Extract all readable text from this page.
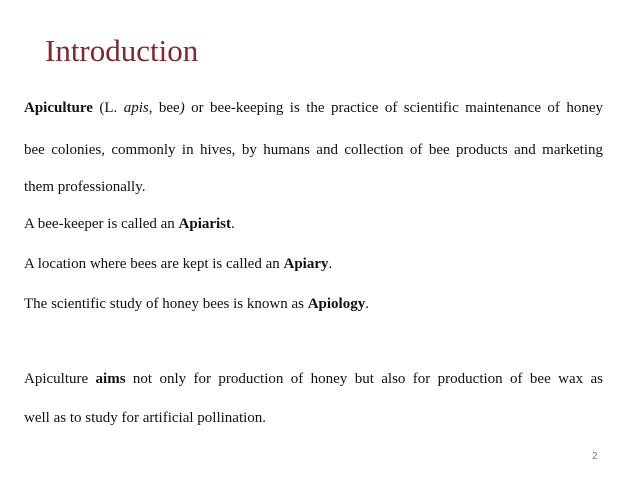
Introduction
Apiculture (L. apis, bee) or bee-keeping is the practice of scientific maintenance of honey
bee colonies, commonly in hives, by humans and collection of bee products and marketing
them professionally.
A bee-keeper is called an Apiarist.
A location where bees are kept is called an Apiary.
The scientific study of honey bees is known as Apiology.
Apiculture aims not only for production of honey but also for production of bee wax as
well as to study for artificial pollination.
2
